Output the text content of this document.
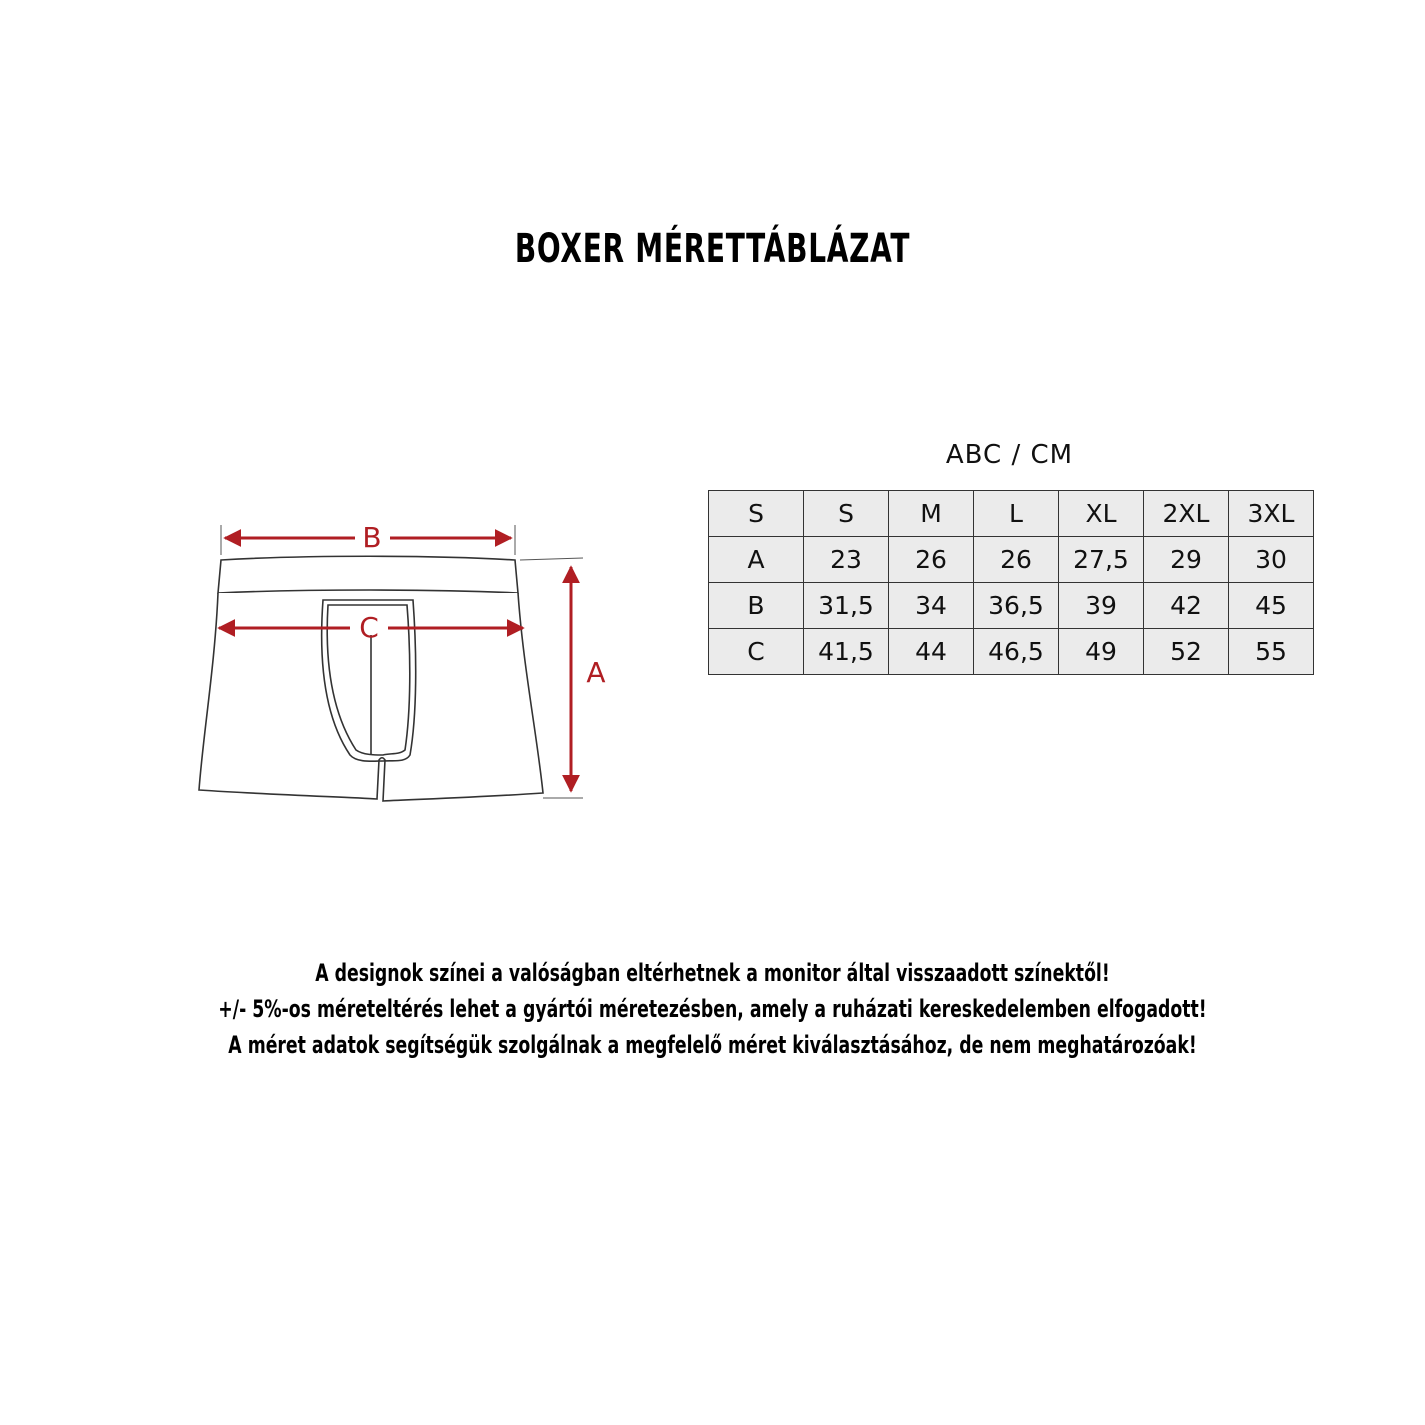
BOXER MÉRETTÁBLÁZAT
B
C
A
ABC / CM
S	S	M	L	XL	2XL	3XL
A	23	26	26	27,5	29	30
B	31,5	34	36,5	39	42	45
C	41,5	44	46,5	49	52	55
A designok színei a valóságban eltérhetnek a monitor által visszaadott színektől!
+/- 5%-os méreteltérés lehet a gyártói méretezésben, amely a ruházati kereskedelemben elfogadott!
A méret adatok segítségük szolgálnak a megfelelő méret kiválasztásához, de nem meghatározóak!
